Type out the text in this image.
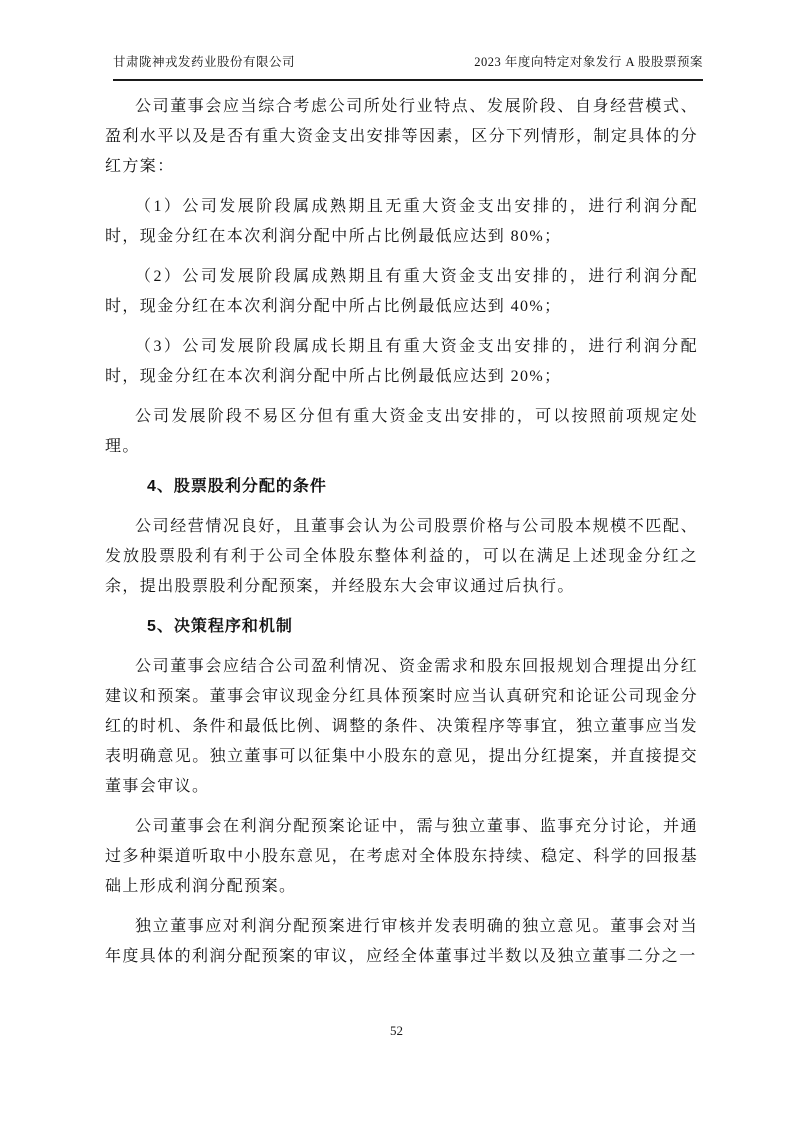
甘肃陇神戎发药业股份有限公司	2023 年度向特定对象发行 A 股股票预案

公司董事会应当综合考虑公司所处行业特点、发展阶段、自身经营模式、盈利水平以及是否有重大资金支出安排等因素，区分下列情形，制定具体的分红方案：

（1）公司发展阶段属成熟期且无重大资金支出安排的，进行利润分配时，现金分红在本次利润分配中所占比例最低应达到 80%；

（2）公司发展阶段属成熟期且有重大资金支出安排的，进行利润分配时，现金分红在本次利润分配中所占比例最低应达到 40%；

（3）公司发展阶段属成长期且有重大资金支出安排的，进行利润分配时，现金分红在本次利润分配中所占比例最低应达到 20%；

公司发展阶段不易区分但有重大资金支出安排的，可以按照前项规定处理。

4、股票股利分配的条件

公司经营情况良好，且董事会认为公司股票价格与公司股本规模不匹配、发放股票股利有利于公司全体股东整体利益的，可以在满足上述现金分红之余，提出股票股利分配预案，并经股东大会审议通过后执行。

5、决策程序和机制

公司董事会应结合公司盈利情况、资金需求和股东回报规划合理提出分红建议和预案。董事会审议现金分红具体预案时应当认真研究和论证公司现金分红的时机、条件和最低比例、调整的条件、决策程序等事宜，独立董事应当发表明确意见。独立董事可以征集中小股东的意见，提出分红提案，并直接提交董事会审议。

公司董事会在利润分配预案论证中，需与独立董事、监事充分讨论，并通过多种渠道听取中小股东意见，在考虑对全体股东持续、稳定、科学的回报基础上形成利润分配预案。

独立董事应对利润分配预案进行审核并发表明确的独立意见。董事会对当年度具体的利润分配预案的审议，应经全体董事过半数以及独立董事二分之一

52
